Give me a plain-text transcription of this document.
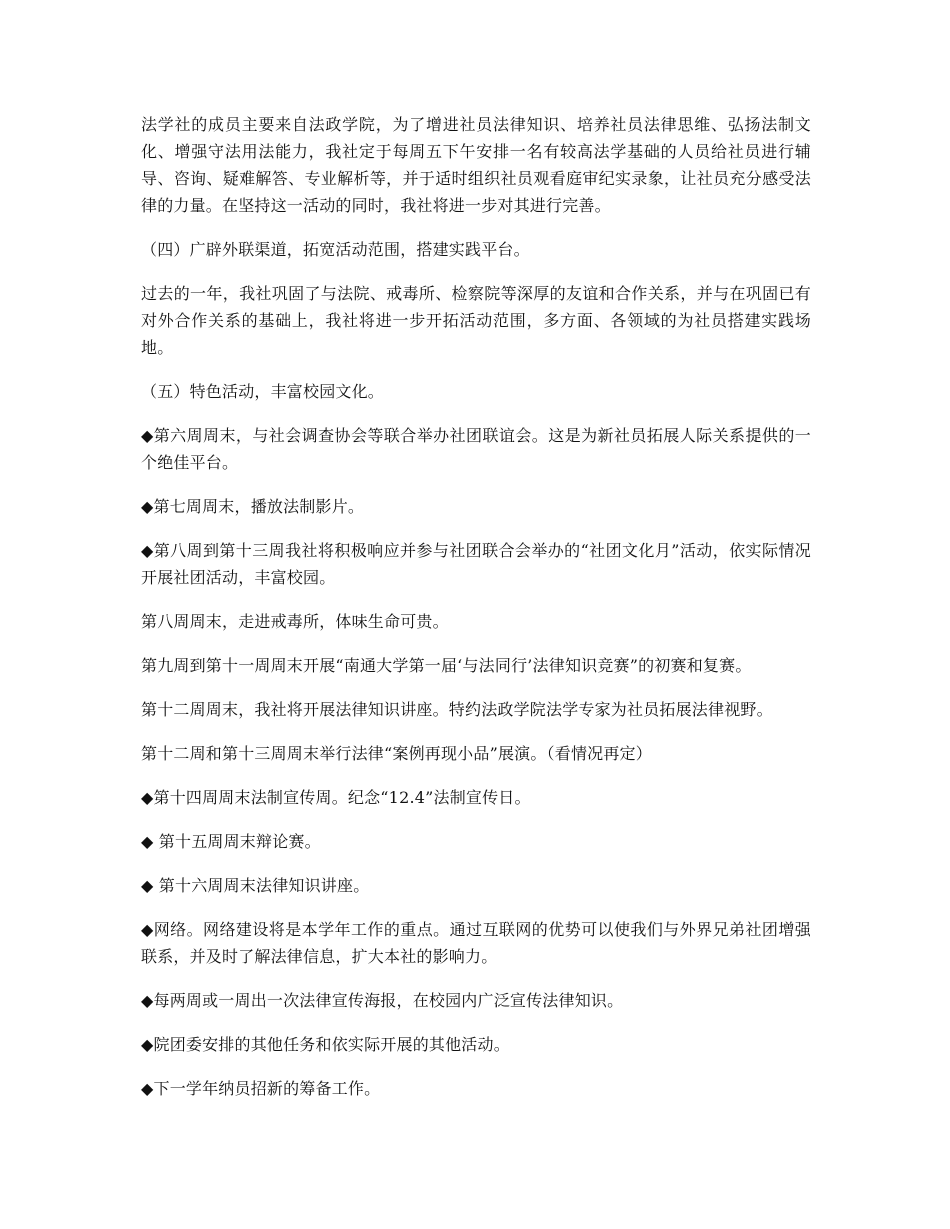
法学社的成员主要来自法政学院，为了增进社员法律知识、培养社员法律思维、弘扬法制文化、增强守法用法能力，我社定于每周五下午安排一名有较高法学基础的人员给社员进行辅导、咨询、疑难解答、专业解析等，并于适时组织社员观看庭审纪实录象，让社员充分感受法律的力量。在坚持这一活动的同时，我社将进一步对其进行完善。

（四）广辟外联渠道，拓宽活动范围，搭建实践平台。

过去的一年，我社巩固了与法院、戒毒所、检察院等深厚的友谊和合作关系，并与在巩固已有对外合作关系的基础上，我社将进一步开拓活动范围，多方面、各领域的为社员搭建实践场地。

（五）特色活动，丰富校园文化。

◆第六周周末，与社会调查协会等联合举办社团联谊会。这是为新社员拓展人际关系提供的一个绝佳平台。

◆第七周周末，播放法制影片。

◆第八周到第十三周我社将积极响应并参与社团联合会举办的“社团文化月”活动，依实际情况开展社团活动，丰富校园。

第八周周末，走进戒毒所，体味生命可贵。

第九周到第十一周周末开展“南通大学第一届‘与法同行’法律知识竞赛”的初赛和复赛。

第十二周周末，我社将开展法律知识讲座。特约法政学院法学专家为社员拓展法律视野。

第十二周和第十三周周末举行法律“案例再现小品”展演。（看情况再定）

◆第十四周周末法制宣传周。纪念“12.4”法制宣传日。

◆ 第十五周周末辩论赛。

◆ 第十六周周末法律知识讲座。

◆网络。网络建设将是本学年工作的重点。通过互联网的优势可以使我们与外界兄弟社团增强联系，并及时了解法律信息，扩大本社的影响力。

◆每两周或一周出一次法律宣传海报，在校园内广泛宣传法律知识。

◆院团委安排的其他任务和依实际开展的其他活动。

◆下一学年纳员招新的筹备工作。
